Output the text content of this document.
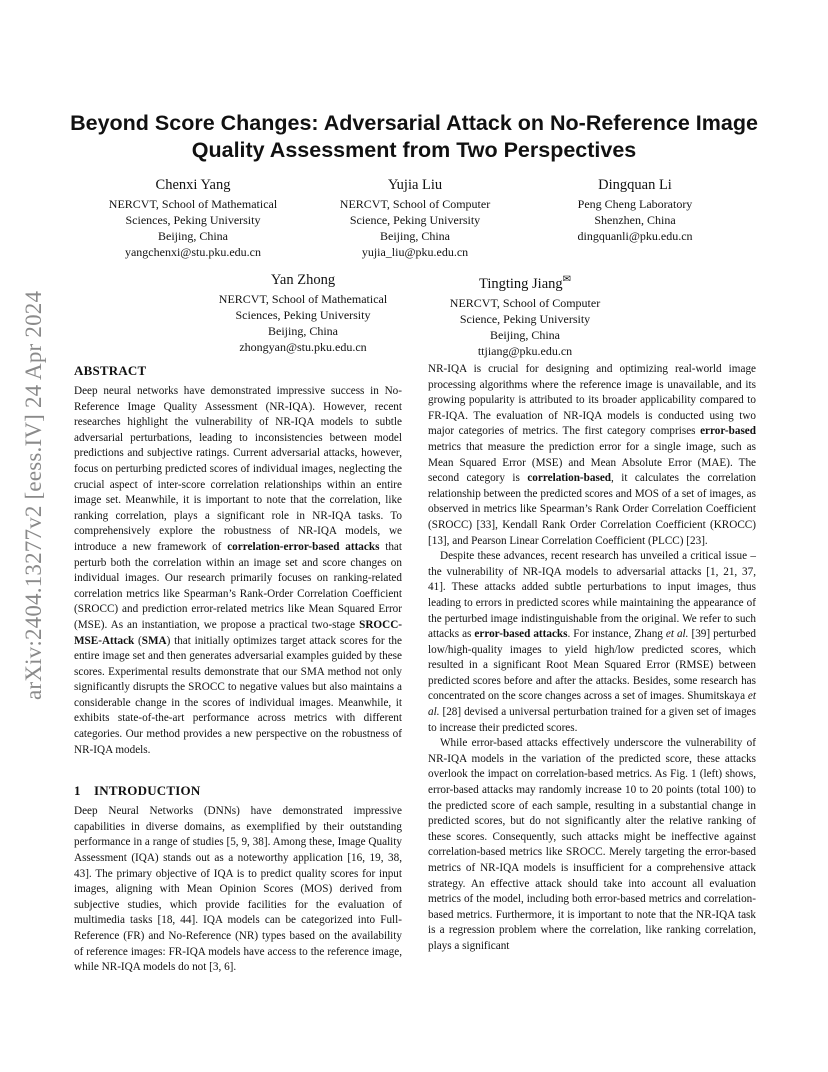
arXiv:2404.13277v2 [eess.IV] 24 Apr 2024
Beyond Score Changes: Adversarial Attack on No-Reference Image Quality Assessment from Two Perspectives
Chenxi Yang
NERCVT, School of Mathematical
Sciences, Peking University
Beijing, China
yangchenxi@stu.pku.edu.cn
Yujia Liu
NERCVT, School of Computer
Science, Peking University
Beijing, China
yujia_liu@pku.edu.cn
Dingquan Li
Peng Cheng Laboratory
Shenzhen, China
dingquanli@pku.edu.cn
Yan Zhong
NERCVT, School of Mathematical
Sciences, Peking University
Beijing, China
zhongyan@stu.pku.edu.cn
Tingting Jiang✉
NERCVT, School of Computer
Science, Peking University
Beijing, China
ttjiang@pku.edu.cn
ABSTRACT

Deep neural networks have demonstrated impressive success in No-Reference Image Quality Assessment (NR-IQA). However, recent researches highlight the vulnerability of NR-IQA models to subtle adversarial perturbations, leading to inconsistencies between model predictions and subjective ratings. Current adversarial attacks, however, focus on perturbing predicted scores of individual images, neglecting the crucial aspect of inter-score correlation relationships within an entire image set. Meanwhile, it is important to note that the correlation, like ranking correlation, plays a significant role in NR-IQA tasks. To comprehensively explore the robustness of NR-IQA models, we introduce a new framework of correlation-error-based attacks that perturb both the correlation within an image set and score changes on individual images. Our research primarily focuses on ranking-related correlation metrics like Spearman’s Rank-Order Correlation Coefficient (SROCC) and prediction error-related metrics like Mean Squared Error (MSE). As an instantiation, we propose a practical two-stage SROCC-MSE-Attack (SMA) that initially optimizes target attack scores for the entire image set and then generates adversarial examples guided by these scores. Experimental results demonstrate that our SMA method not only significantly disrupts the SROCC to negative values but also maintains a considerable change in the scores of individual images. Meanwhile, it exhibits state-of-the-art performance across metrics with different categories. Our method provides a new perspective on the robustness of NR-IQA models.

1 INTRODUCTION

Deep Neural Networks (DNNs) have demonstrated impressive capabilities in diverse domains, as exemplified by their outstanding performance in a range of studies [5, 9, 38]. Among these, Image Quality Assessment (IQA) stands out as a noteworthy application [16, 19, 38, 43]. The primary objective of IQA is to predict quality scores for input images, aligning with Mean Opinion Scores (MOS) derived from subjective studies, which provide facilities for the evaluation of multimedia tasks [18, 44]. IQA models can be categorized into Full-Reference (FR) and No-Reference (NR) types based on the availability of reference images: FR-IQA models have access to the reference image, while NR-IQA models do not [3, 6].

NR-IQA is crucial for designing and optimizing real-world image processing algorithms where the reference image is unavailable, and its growing popularity is attributed to its broader applicability compared to FR-IQA. The evaluation of NR-IQA models is conducted using two major categories of metrics. The first category comprises error-based metrics that measure the prediction error for a single image, such as Mean Squared Error (MSE) and Mean Absolute Error (MAE). The second category is correlation-based, it calculates the correlation relationship between the predicted scores and MOS of a set of images, as observed in metrics like Spearman’s Rank Order Correlation Coefficient (SROCC) [33], Kendall Rank Order Correlation Coefficient (KROCC) [13], and Pearson Linear Correlation Coefficient (PLCC) [23].

Despite these advances, recent research has unveiled a critical issue – the vulnerability of NR-IQA models to adversarial attacks [1, 21, 37, 41]. These attacks added subtle perturbations to input images, thus leading to errors in predicted scores while maintaining the appearance of the perturbed image indistinguishable from the original. We refer to such attacks as error-based attacks. For instance, Zhang et al. [39] perturbed low/high-quality images to yield high/low predicted scores, which resulted in a significant Root Mean Squared Error (RMSE) between predicted scores before and after the attacks. Besides, some research has concentrated on the score changes across a set of images. Shumitskaya et al. [28] devised a universal perturbation trained for a given set of images to increase their predicted scores.

While error-based attacks effectively underscore the vulnerability of NR-IQA models in the variation of the predicted score, these attacks overlook the impact on correlation-based metrics. As Fig. 1 (left) shows, error-based attacks may randomly increase 10 to 20 points (total 100) to the predicted score of each sample, resulting in a substantial change in predicted scores, but do not significantly alter the relative ranking of these scores. Consequently, such attacks might be ineffective against correlation-based metrics like SROCC. Merely targeting the error-based metrics of NR-IQA models is insufficient for a comprehensive attack strategy. An effective attack should take into account all evaluation metrics of the model, including both error-based metrics and correlation-based metrics. Furthermore, it is important to note that the NR-IQA task is a regression problem where the correlation, like ranking correlation, plays a significant
